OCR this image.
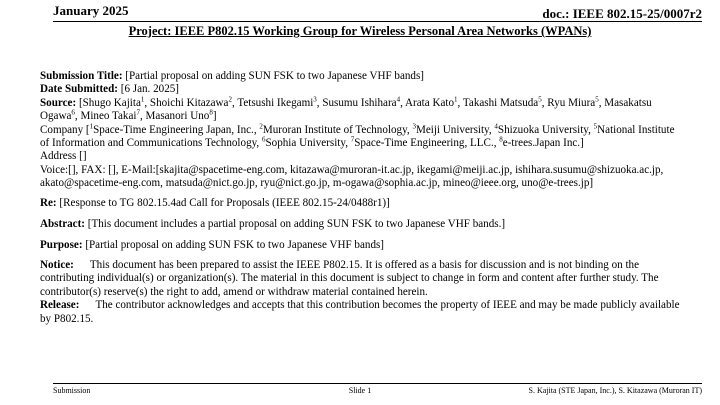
January 2025	doc.: IEEE 802.15-25/0007r2
Project: IEEE P802.15 Working Group for Wireless Personal Area Networks (WPANs)

Submission Title: [Partial proposal on adding SUN FSK to two Japanese VHF bands]

Date Submitted: [6 Jan. 2025]

Source: [Shugo Kajita$^1$, Shoichi Kitazawa$^2$, Tetsushi Ikegami$^3$, Susumu Ishihara$^4$, Arata Kato$^1$, Takashi Matsuda$^5$, Ryu Miura$^5$, Masakatsu Ogawa$^6$, Mineo Takai$^7$, Masanori Uno$^8$]

Company [$^1$Space-Time Engineering Japan, Inc., $^2$Muroran Institute of Technology, $^3$Meiji University, $^4$Shizuoka University, $^5$National Institute of Information and Communications Technology, $^6$Sophia University, $^7$Space-Time Engineering, LLC., $^8$e-trees.Japan Inc.]

Address []

Voice:[], FAX: [], E-Mail:[skajita@spacetime-eng.com, kitazawa@muroran-it.ac.jp, ikegami@meiji.ac.jp, ishihara.susumu@shizuoka.ac.jp, akato@spacetime-eng.com, matsuda@nict.go.jp, ryu@nict.go.jp, m-ogawa@sophia.ac.jp, mineo@ieee.org, uno@e-trees.jp]

Re: [Response to TG 802.15.4ad Call for Proposals (IEEE 802.15-24/0488r1)]

Abstract: [This document includes a partial proposal on adding SUN FSK to two Japanese VHF bands.]

Purpose: [Partial proposal on adding SUN FSK to two Japanese VHF bands]

Notice: This document has been prepared to assist the IEEE P802.15. It is offered as a basis for discussion and is not binding on the contributing individual(s) or organization(s). The material in this document is subject to change in form and content after further study. The contributor(s) reserve(s) the right to add, amend or withdraw material contained herein.

Release: The contributor acknowledges and accepts that this contribution becomes the property of IEEE and may be made publicly available by P802.15.

Submission	Slide 1	S. Kajita (STE Japan, Inc.), S. Kitazawa (Muroran IT)
